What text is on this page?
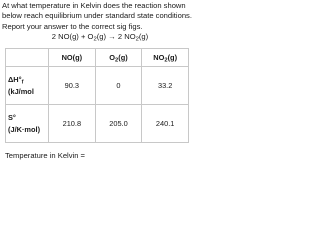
At what temperature in Kelvin does the reaction shown

below reach equilibrium under standard state conditions.

Report your answer to the correct sig figs.

2 $NO(g) + O_2(g) \to 2$ $NO_2(g)$
	NO(g)	$O_2(g)$	$NO_2(g)$
$\Delta H^\circ_f$
(kJ/mol	90.3	0	33.2
S°
(J/K·mol)	210.8	205.0	240.1
Temperature in Kelvin =
